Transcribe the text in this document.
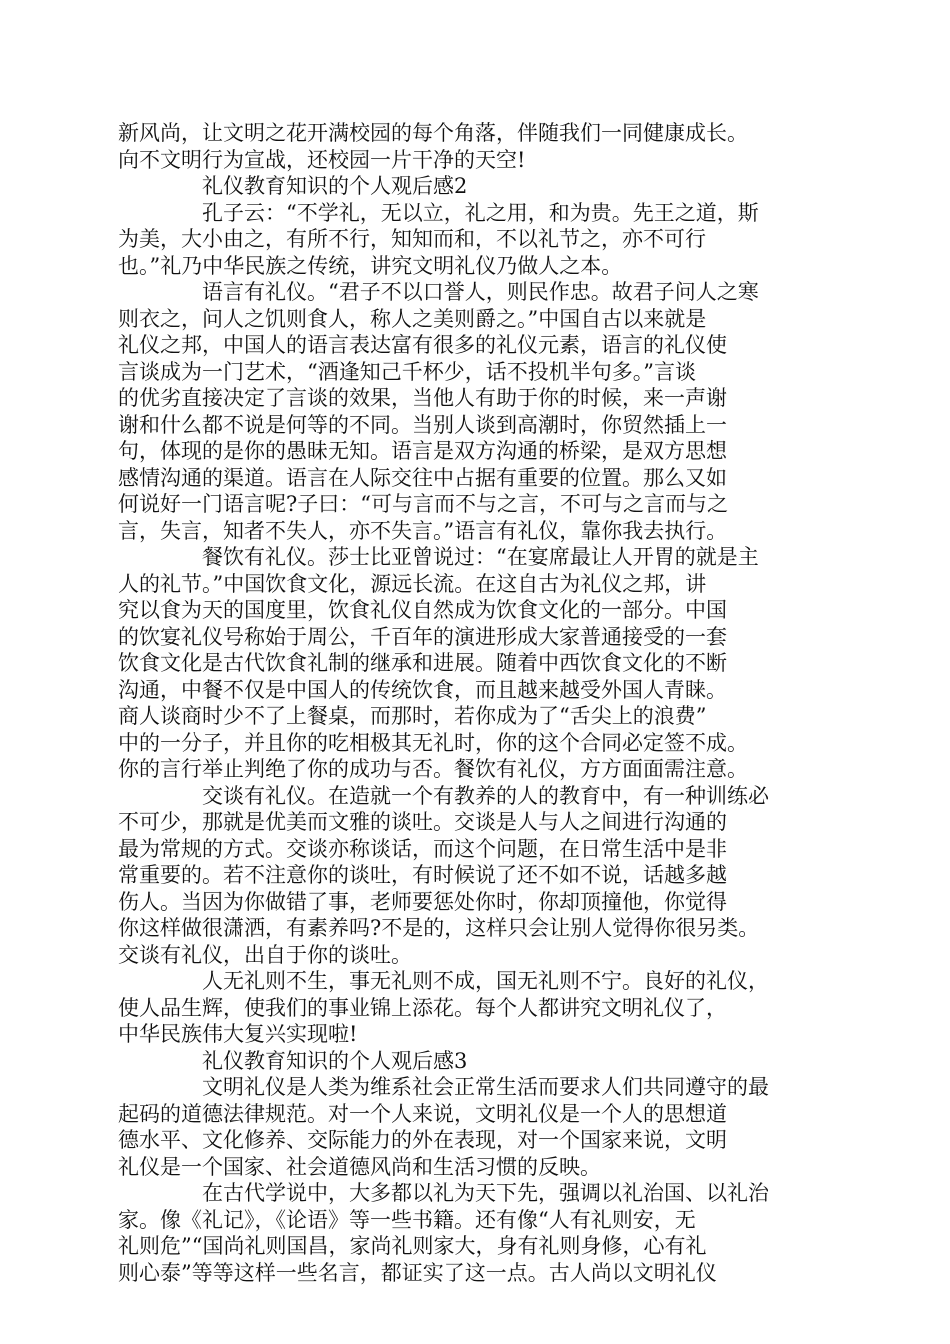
新风尚，让文明之花开满校园的每个角落，伴随我们一同健康成长。
向不文明行为宣战，还校园一片干净的天空!
礼仪教育知识的个人观后感2
孔子云：“不学礼，无以立，礼之用，和为贵。先王之道，斯
为美，大小由之，有所不行，知知而和，不以礼节之，亦不可行
也。”礼乃中华民族之传统，讲究文明礼仪乃做人之本。
语言有礼仪。“君子不以口誉人，则民作忠。故君子问人之寒
则衣之，问人之饥则食人，称人之美则爵之。”中国自古以来就是
礼仪之邦，中国人的语言表达富有很多的礼仪元素，语言的礼仪使
言谈成为一门艺术，“酒逢知己千杯少，话不投机半句多。”言谈
的优劣直接决定了言谈的效果，当他人有助于你的时候，来一声谢
谢和什么都不说是何等的不同。当别人谈到高潮时，你贸然插上一
句，体现的是你的愚昧无知。语言是双方沟通的桥梁，是双方思想
感情沟通的渠道。语言在人际交往中占据有重要的位置。那么又如
何说好一门语言呢?子曰：“可与言而不与之言，不可与之言而与之
言，失言，知者不失人，亦不失言。”语言有礼仪，靠你我去执行。
餐饮有礼仪。莎士比亚曾说过：“在宴席最让人开胃的就是主
人的礼节。”中国饮食文化，源远长流。在这自古为礼仪之邦，讲
究以食为天的国度里，饮食礼仪自然成为饮食文化的一部分。中国
的饮宴礼仪号称始于周公，千百年的演进形成大家普通接受的一套
饮食文化是古代饮食礼制的继承和进展。随着中西饮食文化的不断
沟通，中餐不仅是中国人的传统饮食，而且越来越受外国人青睐。
商人谈商时少不了上餐桌，而那时，若你成为了“舌尖上的浪费”
中的一分子，并且你的吃相极其无礼时，你的这个合同必定签不成。
你的言行举止判绝了你的成功与否。餐饮有礼仪，方方面面需注意。
交谈有礼仪。在造就一个有教养的人的教育中，有一种训练必
不可少，那就是优美而文雅的谈吐。交谈是人与人之间进行沟通的
最为常规的方式。交谈亦称谈话，而这个问题，在日常生活中是非
常重要的。若不注意你的谈吐，有时候说了还不如不说，话越多越
伤人。当因为你做错了事，老师要惩处你时，你却顶撞他，你觉得
你这样做很潇洒，有素养吗?不是的，这样只会让别人觉得你很另类。
交谈有礼仪，出自于你的谈吐。
人无礼则不生，事无礼则不成，国无礼则不宁。良好的礼仪，
使人品生辉，使我们的事业锦上添花。每个人都讲究文明礼仪了，
中华民族伟大复兴实现啦!
礼仪教育知识的个人观后感3
文明礼仪是人类为维系社会正常生活而要求人们共同遵守的最
起码的道德法律规范。对一个人来说，文明礼仪是一个人的思想道
德水平、文化修养、交际能力的外在表现，对一个国家来说，文明
礼仪是一个国家、社会道德风尚和生活习惯的反映。
在古代学说中，大多都以礼为天下先，强调以礼治国、以礼治
家。像《礼记》，《论语》等一些书籍。还有像“人有礼则安，无
礼则危”“国尚礼则国昌，家尚礼则家大，身有礼则身修，心有礼
则心泰”等等这样一些名言，都证实了这一点。古人尚以文明礼仪
